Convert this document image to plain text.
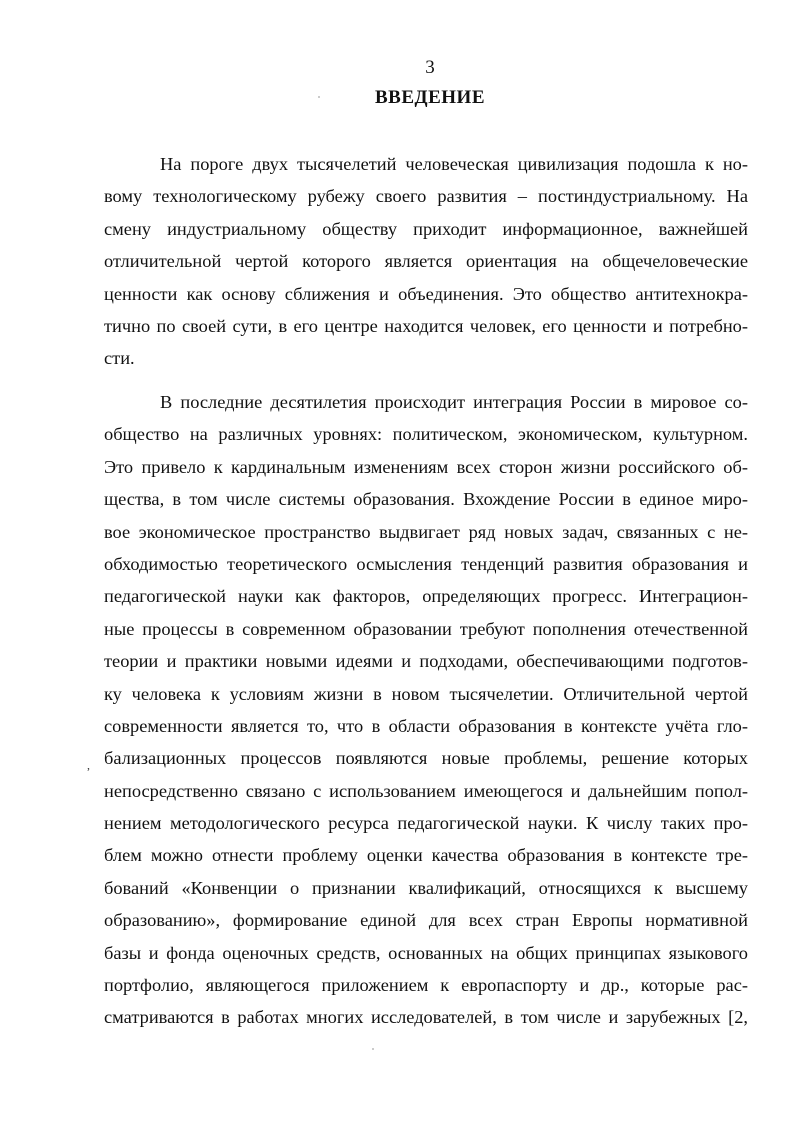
3
ВВЕДЕНИЕ
На пороге двух тысячелетий человеческая цивилизация подошла к но-
вому технологическому рубежу своего развития – постиндустриальному. На
смену индустриальному обществу приходит информационное, важнейшей
отличительной чертой которого является ориентация на общечеловеческие
ценности как основу сближения и объединения. Это общество антитехнокра-
тично по своей сути, в его центре находится человек, его ценности и потребно-
сти.
В последние десятилетия происходит интеграция России в мировое со-
общество на различных уровнях: политическом, экономическом, культурном.
Это привело к кардинальным изменениям всех сторон жизни российского об-
щества, в том числе системы образования. Вхождение России в единое миро-
вое экономическое пространство выдвигает ряд новых задач, связанных с не-
обходимостью теоретического осмысления тенденций развития образования и
педагогической науки как факторов, определяющих прогресс. Интеграцион-
ные процессы в современном образовании требуют пополнения отечественной
теории и практики новыми идеями и подходами, обеспечивающими подготов-
ку человека к условиям жизни в новом тысячелетии. Отличительной чертой
современности является то, что в области образования в контексте учёта гло-
бализационных процессов появляются новые проблемы, решение которых
непосредственно связано с использованием имеющегося и дальнейшим попол-
нением методологического ресурса педагогической науки. К числу таких про-
блем можно отнести проблему оценки качества образования в контексте тре-
бований «Конвенции о признании квалификаций, относящихся к высшему
образованию», формирование единой для всех стран Европы нормативной
базы и фонда оценочных средств, основанных на общих принципах языкового
портфолио, являющегося приложением к европаспорту и др., которые рас-
сматриваются в работах многих исследователей, в том числе и зарубежных [2,
,
